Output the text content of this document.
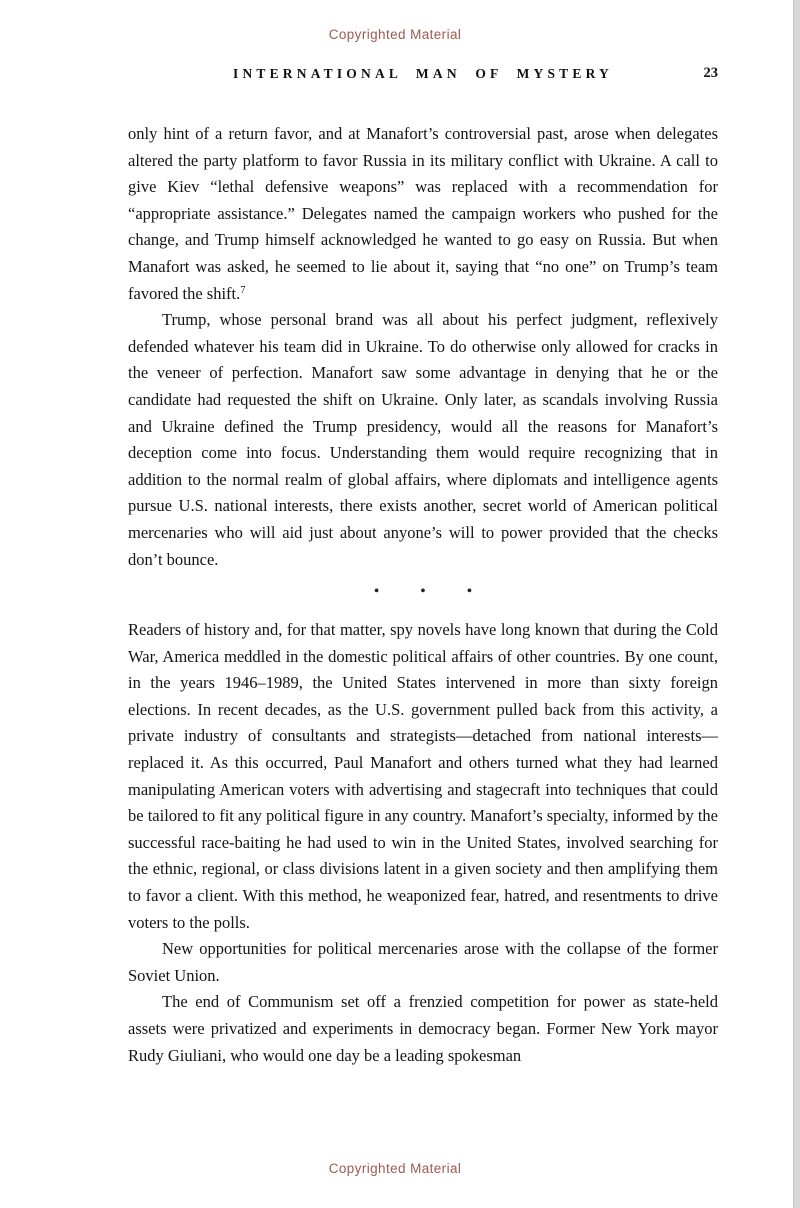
Copyrighted Material
INTERNATIONAL MAN OF MYSTERY	23

only hint of a return favor, and at Manafort’s controversial past, arose when delegates altered the party platform to favor Russia in its military conflict with Ukraine. A call to give Kiev “lethal defensive weapons” was replaced with a recommendation for “appropriate assistance.” Delegates named the campaign workers who pushed for the change, and Trump himself acknowledged he wanted to go easy on Russia. But when Manafort was asked, he seemed to lie about it, saying that “no one” on Trump’s team favored the shift.$^7$

Trump, whose personal brand was all about his perfect judgment, reflexively defended whatever his team did in Ukraine. To do otherwise only allowed for cracks in the veneer of perfection. Manafort saw some advantage in denying that he or the candidate had requested the shift on Ukraine. Only later, as scandals involving Russia and Ukraine defined the Trump presidency, would all the reasons for Manafort’s deception come into focus. Understanding them would require recognizing that in addition to the normal realm of global affairs, where diplomats and intelligence agents pursue U.S. national interests, there exists another, secret world of American political mercenaries who will aid just about anyone’s will to power provided that the checks don’t bounce.

• • •

Readers of history and, for that matter, spy novels have long known that during the Cold War, America meddled in the domestic political affairs of other countries. By one count, in the years 1946–1989, the United States intervened in more than sixty foreign elections. In recent decades, as the U.S. government pulled back from this activity, a private industry of consultants and strategists—detached from national interests—replaced it. As this occurred, Paul Manafort and others turned what they had learned manipulating American voters with advertising and stagecraft into techniques that could be tailored to fit any political figure in any country. Manafort’s specialty, informed by the successful race-baiting he had used to win in the United States, involved searching for the ethnic, regional, or class divisions latent in a given society and then amplifying them to favor a client. With this method, he weaponized fear, hatred, and resentments to drive voters to the polls.

New opportunities for political mercenaries arose with the collapse of the former Soviet Union.

The end of Communism set off a frenzied competition for power as state-held assets were privatized and experiments in democracy began. Former New York mayor Rudy Giuliani, who would one day be a leading spokesman

Copyrighted Material
